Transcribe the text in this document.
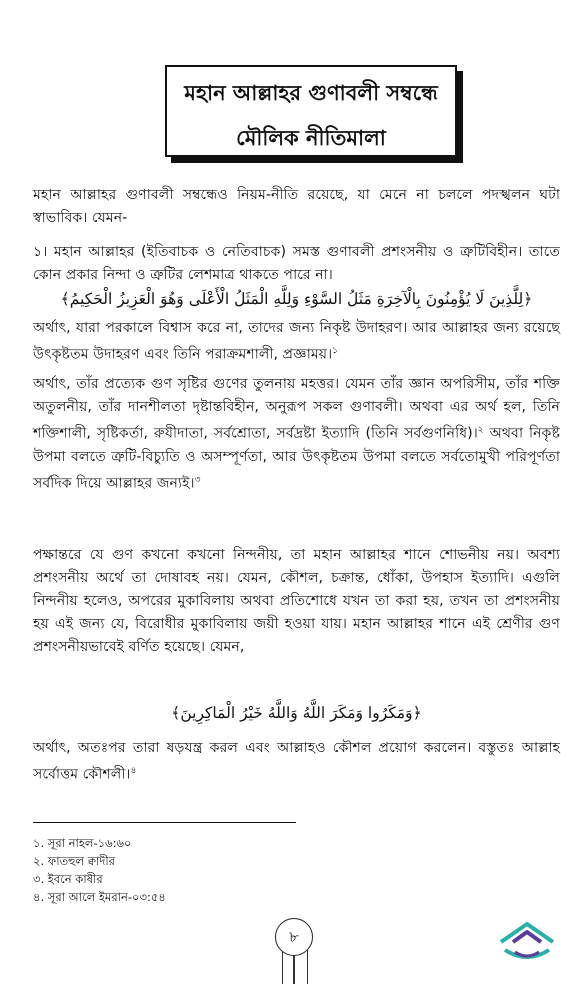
মহান আল্লাহর গুণাবলী সম্বন্ধে
মৌলিক নীতিমালা
মহান আল্লাহর গুণাবলী সম্বন্ধেও নিয়ম-নীতি রয়েছে, যা মেনে না চললে পদস্খলন ঘটা স্বাভাবিক। যেমন-
১। মহান আল্লাহর (ইতিবাচক ও নেতিবাচক) সমস্ত গুণাবলী প্রশংসনীয় ও ত্রুটিবিহীন। তাতে কোন প্রকার নিন্দা ও ত্রুটির লেশমাত্র থাকতে পারে না।
﴿لِلَّذِينَ لَا يُؤْمِنُونَ بِالْآخِرَةِ مَثَلُ السَّوْءِ وَلِلَّهِ الْمَثَلُ الْأَعْلَى وَهُوَ الْعَزِيزُ الْحَكِيمُ﴾
অর্থাৎ, যারা পরকালে বিশ্বাস করে না, তাদের জন্য নিকৃষ্ট উদাহরণ। আর আল্লাহর জন্য রয়েছে উৎকৃষ্টতম উদাহরণ এবং তিনি পরাক্রমশালী, প্রজ্ঞাময়।$^১$
অর্থাৎ, তাঁর প্রত্যেক গুণ সৃষ্টির গুণের তুলনায় মহত্তর। যেমন তাঁর জ্ঞান অপরিসীম, তাঁর শক্তি অতুলনীয়, তাঁর দানশীলতা দৃষ্টান্তবিহীন, অনুরূপ সকল গুণাবলী। অথবা এর অর্থ হল, তিনি শক্তিশালী, সৃষ্টিকর্তা, রুযীদাতা, সর্বশ্রোতা, সর্বদ্রষ্টা ইত্যাদি (তিনি সর্বগুণনিধি)।$^২$ অথবা নিকৃষ্ট উপমা বলতে ত্রুটি-বিচ্যুতি ও অসম্পূর্ণতা, আর উৎকৃষ্টতম উপমা বলতে সর্বতোমুখী পরিপূর্ণতা সর্বদিক দিয়ে আল্লাহর জন্যই।$^৩$
পক্ষান্তরে যে গুণ কখনো কখনো নিন্দনীয়, তা মহান আল্লাহর শানে শোভনীয় নয়। অবশ্য প্রশংসনীয় অর্থে তা দোষাবহ নয়। যেমন, কৌশল, চক্রান্ত, ধোঁকা, উপহাস ইত্যাদি। এগুলি নিন্দনীয় হলেও, অপরের মুকাবিলায় অথবা প্রতিশোধে যখন তা করা হয়, তখন তা প্রশংসনীয় হয় এই জন্য যে, বিরোধীর মুকাবিলায় জয়ী হওয়া যায়। মহান আল্লাহর শানে এই শ্রেণীর গুণ প্রশংসনীয়ভাবেই বর্ণিত হয়েছে। যেমন,
﴿وَمَكَرُوا وَمَكَرَ اللَّهُ وَاللَّهُ خَيْرُ الْمَاكِرِينَ﴾
অর্থাৎ, অতঃপর তারা ষড়যন্ত্র করল এবং আল্লাহও কৌশল প্রয়োগ করলেন। বস্তুতঃ আল্লাহ সর্বোত্তম কৌশলী।$^৪$
১. সূরা নাহল-১৬:৬০
২. ফাতহুল ক্বাদীর
৩. ইবনে কাষীর
৪. সূরা আলে ইমরান-০৩:৫৪
৮
